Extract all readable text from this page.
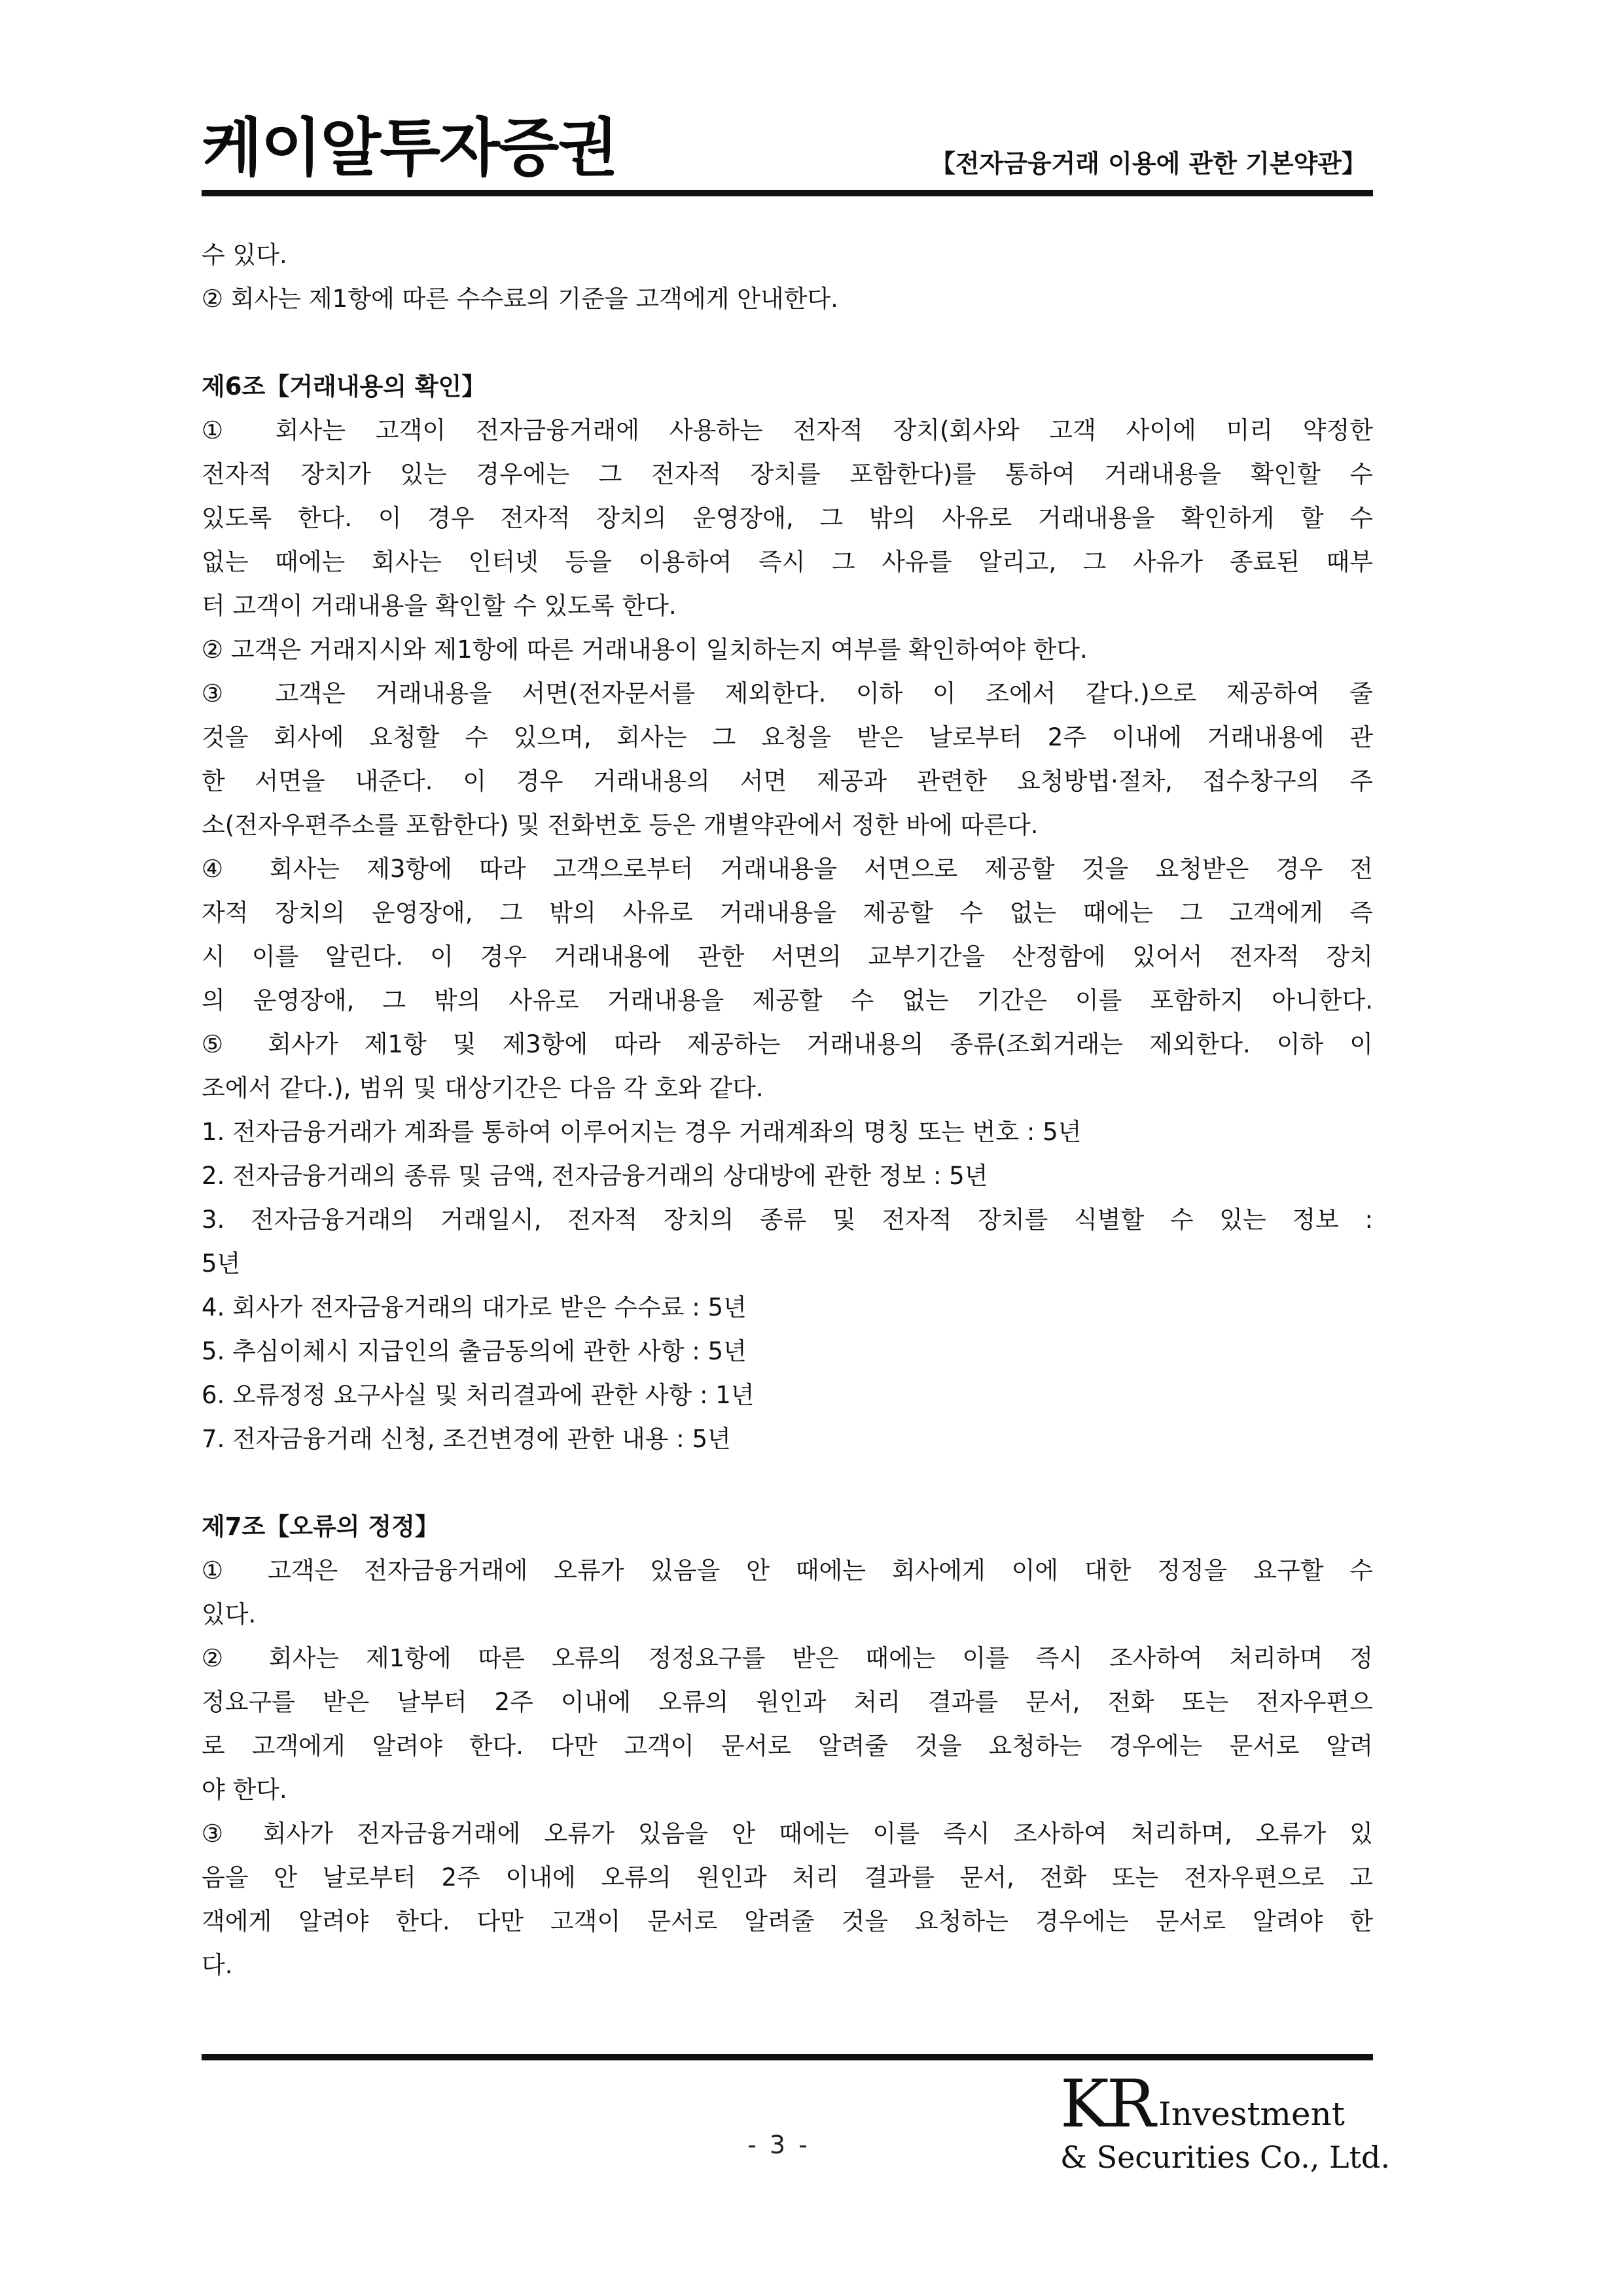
케이알투자증권	【전자금융거래 이용에 관한 기본약관】
수 있다.
② 회사는 제1항에 따른 수수료의 기준을 고객에게 안내한다.
제6조【거래내용의 확인】
① 회사는 고객이 전자금융거래에 사용하는 전자적 장치(회사와 고객 사이에 미리 약정한
전자적 장치가 있는 경우에는 그 전자적 장치를 포함한다)를 통하여 거래내용을 확인할 수
있도록 한다. 이 경우 전자적 장치의 운영장애, 그 밖의 사유로 거래내용을 확인하게 할 수
없는 때에는 회사는 인터넷 등을 이용하여 즉시 그 사유를 알리고, 그 사유가 종료된 때부
터 고객이 거래내용을 확인할 수 있도록 한다.
② 고객은 거래지시와 제1항에 따른 거래내용이 일치하는지 여부를 확인하여야 한다.
③ 고객은 거래내용을 서면(전자문서를 제외한다. 이하 이 조에서 같다.)으로 제공하여 줄
것을 회사에 요청할 수 있으며, 회사는 그 요청을 받은 날로부터 2주 이내에 거래내용에 관
한 서면을 내준다. 이 경우 거래내용의 서면 제공과 관련한 요청방법·절차, 접수창구의 주
소(전자우편주소를 포함한다) 및 전화번호 등은 개별약관에서 정한 바에 따른다.
④ 회사는 제3항에 따라 고객으로부터 거래내용을 서면으로 제공할 것을 요청받은 경우 전
자적 장치의 운영장애, 그 밖의 사유로 거래내용을 제공할 수 없는 때에는 그 고객에게 즉
시 이를 알린다. 이 경우 거래내용에 관한 서면의 교부기간을 산정함에 있어서 전자적 장치
의 운영장애, 그 밖의 사유로 거래내용을 제공할 수 없는 기간은 이를 포함하지 아니한다.
⑤ 회사가 제1항 및 제3항에 따라 제공하는 거래내용의 종류(조회거래는 제외한다. 이하 이
조에서 같다.), 범위 및 대상기간은 다음 각 호와 같다.
1. 전자금융거래가 계좌를 통하여 이루어지는 경우 거래계좌의 명칭 또는 번호 : 5년
2. 전자금융거래의 종류 및 금액, 전자금융거래의 상대방에 관한 정보 : 5년
3. 전자금융거래의 거래일시, 전자적 장치의 종류 및 전자적 장치를 식별할 수 있는 정보 :
5년
4. 회사가 전자금융거래의 대가로 받은 수수료 : 5년
5. 추심이체시 지급인의 출금동의에 관한 사항 : 5년
6. 오류정정 요구사실 및 처리결과에 관한 사항 : 1년
7. 전자금융거래 신청, 조건변경에 관한 내용 : 5년
제7조【오류의 정정】
① 고객은 전자금융거래에 오류가 있음을 안 때에는 회사에게 이에 대한 정정을 요구할 수
있다.
② 회사는 제1항에 따른 오류의 정정요구를 받은 때에는 이를 즉시 조사하여 처리하며 정
정요구를 받은 날부터 2주 이내에 오류의 원인과 처리 결과를 문서, 전화 또는 전자우편으
로 고객에게 알려야 한다. 다만 고객이 문서로 알려줄 것을 요청하는 경우에는 문서로 알려
야 한다.
③ 회사가 전자금융거래에 오류가 있음을 안 때에는 이를 즉시 조사하여 처리하며, 오류가 있
음을 안 날로부터 2주 이내에 오류의 원인과 처리 결과를 문서, 전화 또는 전자우편으로 고
객에게 알려야 한다. 다만 고객이 문서로 알려줄 것을 요청하는 경우에는 문서로 알려야 한
다.
- 3 -
KR Investment
& Securities Co., Ltd.
